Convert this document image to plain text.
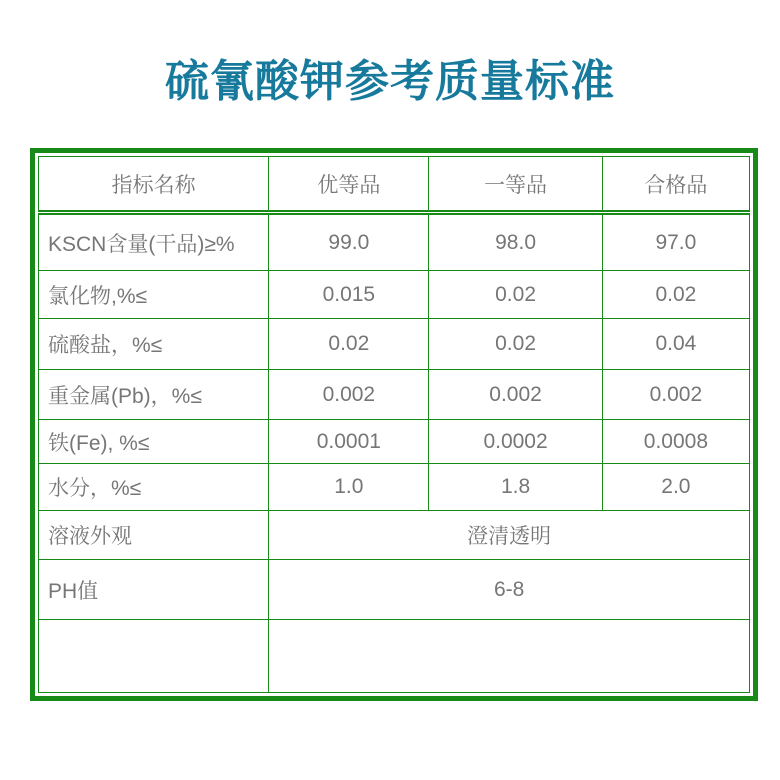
硫氰酸钾参考质量标准
指标名称	优等品	一等品	合格品
KSCN含量(干品)≥%	99.0	98.0	97.0
氯化物,%≤	0.015	0.02	0.02
硫酸盐，%≤	0.02	0.02	0.04
重金属(Pb)，%≤	0.002	0.002	0.002
铁(Fe), %≤	0.0001	0.0002	0.0008
水分，%≤	1.0	1.8	2.0
溶液外观	澄清透明		
PH值	6-8		
